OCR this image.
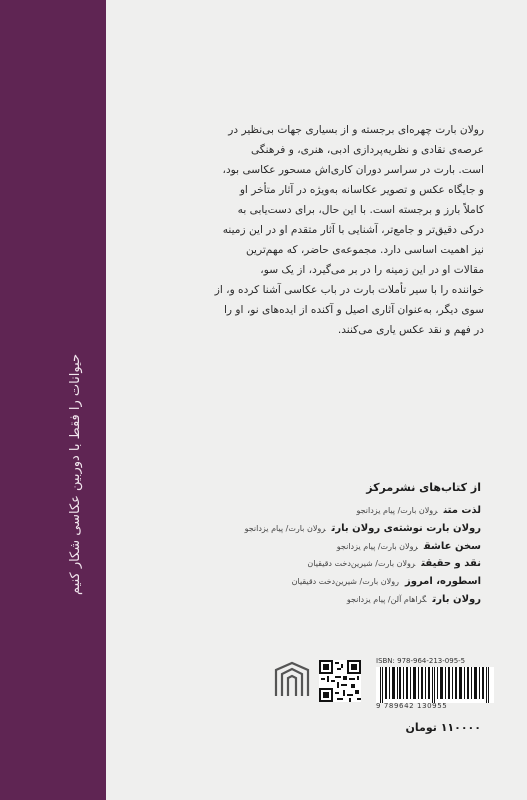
حیوانات را فقط با دوربین عکاسی شکار کنیم
رولان بارت چهره‌ای برجسته و از بسیاری جهات بی‌نظیر در
عرصه‌ی نقادی و نظریه‌پردازی ادبی، هنری، و فرهنگی
است. بارت در سراسر دوران کاری‌اش مسحور عکاسی بود،
و جایگاه عکس و تصویر عکاسانه به‌ویژه در آثار متأخر او
کاملاً بارز و برجسته است. با این حال، برای دست‌یابی به
درکی دقیق‌تر و جامع‌تر، آشنایی با آثار متقدم او در این زمینه
نیز اهمیت اساسی دارد. مجموعه‌ی حاضر، که مهم‌ترین
مقالات او در این زمینه را در بر می‌گیرد، از یک سو،
خواننده را با سیر تأملات بارت در باب عکاسی آشنا کرده و، از
سوی دیگر، به‌عنوان آثاری اصیل و آکنده از ایده‌های نو، او را
در فهم و نقد عکس یاری می‌کنند.
از کتاب‌های نشرمرکز
لذت متنرولان بارت/ پیام یزدانجو
رولان بارت نوشته‌ی رولان بارترولان بارت/ پیام یزدانجو
سخن عاشقرولان بارت/ پیام یزدانجو
نقد و حقیقترولان بارت/ شیرین‌دخت دقیقیان
اسطوره، امروزرولان بارت/ شیرین‌دخت دقیقیان
رولان بارتگراهام آلن/ پیام یزدانجو
ISBN: 978-964-213-095-5
9 789642 130955
۱۱۰۰۰۰ تومان
